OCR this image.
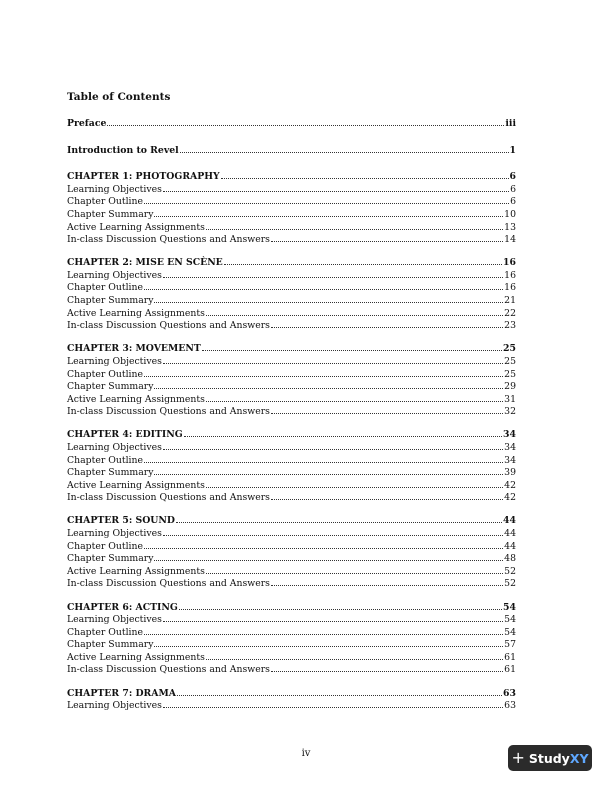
Table of Contents
Preface	iii
Introduction to Revel	1
CHAPTER 1: PHOTOGRAPHY	6
Learning Objectives	6
Chapter Outline	6
Chapter Summary	10
Active Learning Assignments	13
In-class Discussion Questions and Answers	14
CHAPTER 2: MISE EN SCÈNE	16
Learning Objectives	16
Chapter Outline	16
Chapter Summary	21
Active Learning Assignments	22
In-class Discussion Questions and Answers	23
CHAPTER 3: MOVEMENT	25
Learning Objectives	25
Chapter Outline	25
Chapter Summary	29
Active Learning Assignments	31
In-class Discussion Questions and Answers	32
CHAPTER 4: EDITING	34
Learning Objectives	34
Chapter Outline	34
Chapter Summary	39
Active Learning Assignments	42
In-class Discussion Questions and Answers	42
CHAPTER 5: SOUND	44
Learning Objectives	44
Chapter Outline	44
Chapter Summary	48
Active Learning Assignments	52
In-class Discussion Questions and Answers	52
CHAPTER 6: ACTING	54
Learning Objectives	54
Chapter Outline	54
Chapter Summary	57
Active Learning Assignments	61
In-class Discussion Questions and Answers	61
CHAPTER 7: DRAMA	63
Learning Objectives	63
iv	+ Study XY
